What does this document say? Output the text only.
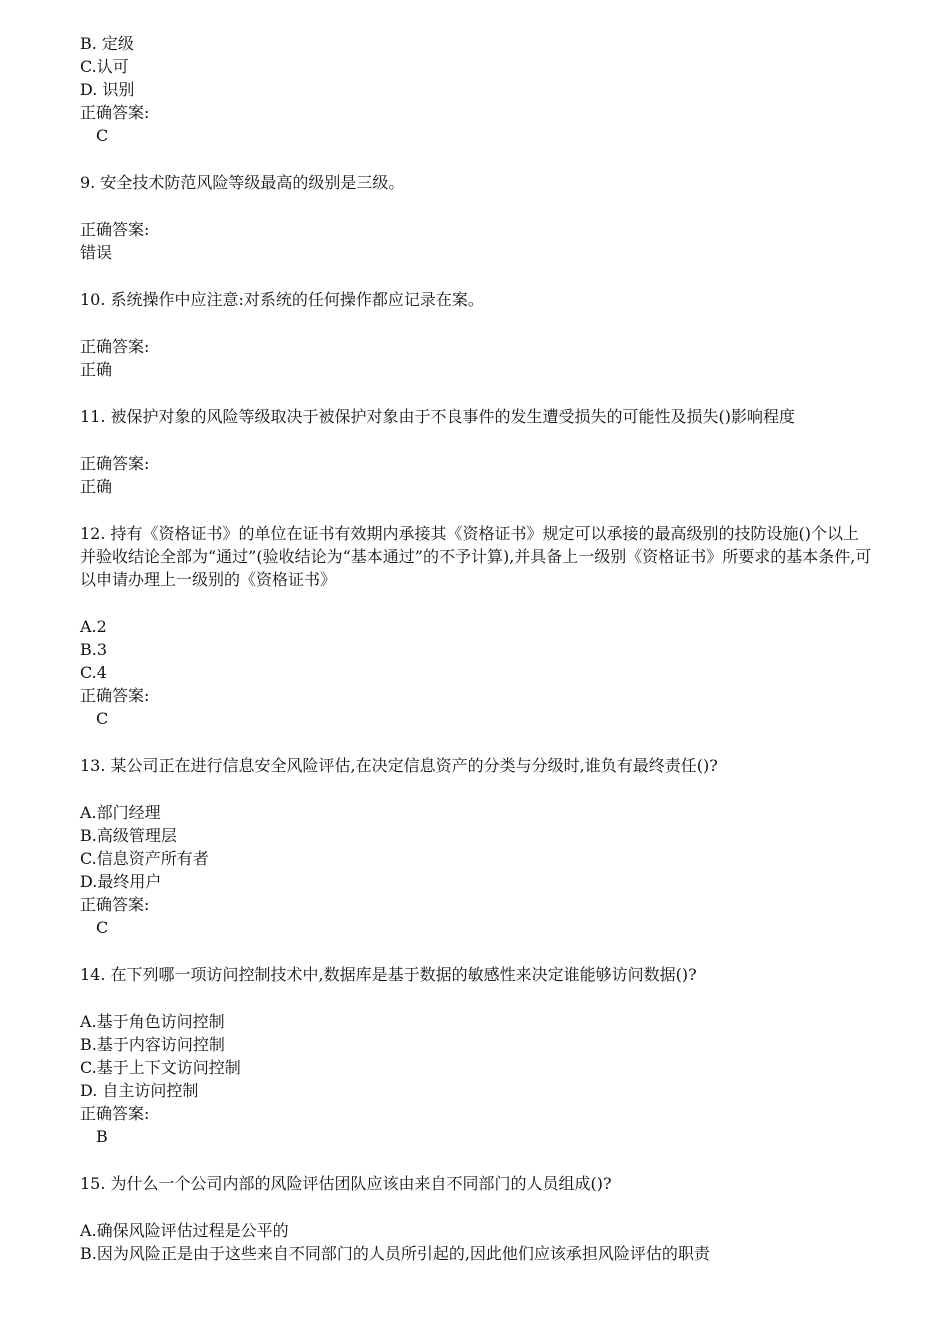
B. 定级
C.认可
D. 识别
正确答案:
C
9. 安全技术防范风险等级最高的级别是三级。
正确答案:
错误
10. 系统操作中应注意:对系统的任何操作都应记录在案。
正确答案:
正确
11. 被保护对象的风险等级取决于被保护对象由于不良事件的发生遭受损失的可能性及损失()影响程度
正确答案:
正确
12. 持有《资格证书》的单位在证书有效期内承接其《资格证书》规定可以承接的最高级别的技防设施()个以上并验收结论全部为“通过”(验收结论为“基本通过”的不予计算),并具备上一级别《资格证书》所要求的基本条件,可以申请办理上一级别的《资格证书》
A.2
B.3
C.4
正确答案:
C
13. 某公司正在进行信息安全风险评估,在决定信息资产的分类与分级时,谁负有最终责任()?
A.部门经理
B.高级管理层
C.信息资产所有者
D.最终用户
正确答案:
C
14. 在下列哪一项访问控制技术中,数据库是基于数据的敏感性来决定谁能够访问数据()?
A.基于角色访问控制
B.基于内容访问控制
C.基于上下文访问控制
D. 自主访问控制
正确答案:
B
15. 为什么一个公司内部的风险评估团队应该由来自不同部门的人员组成()?
A.确保风险评估过程是公平的
B.因为风险正是由于这些来自不同部门的人员所引起的,因此他们应该承担风险评估的职责
